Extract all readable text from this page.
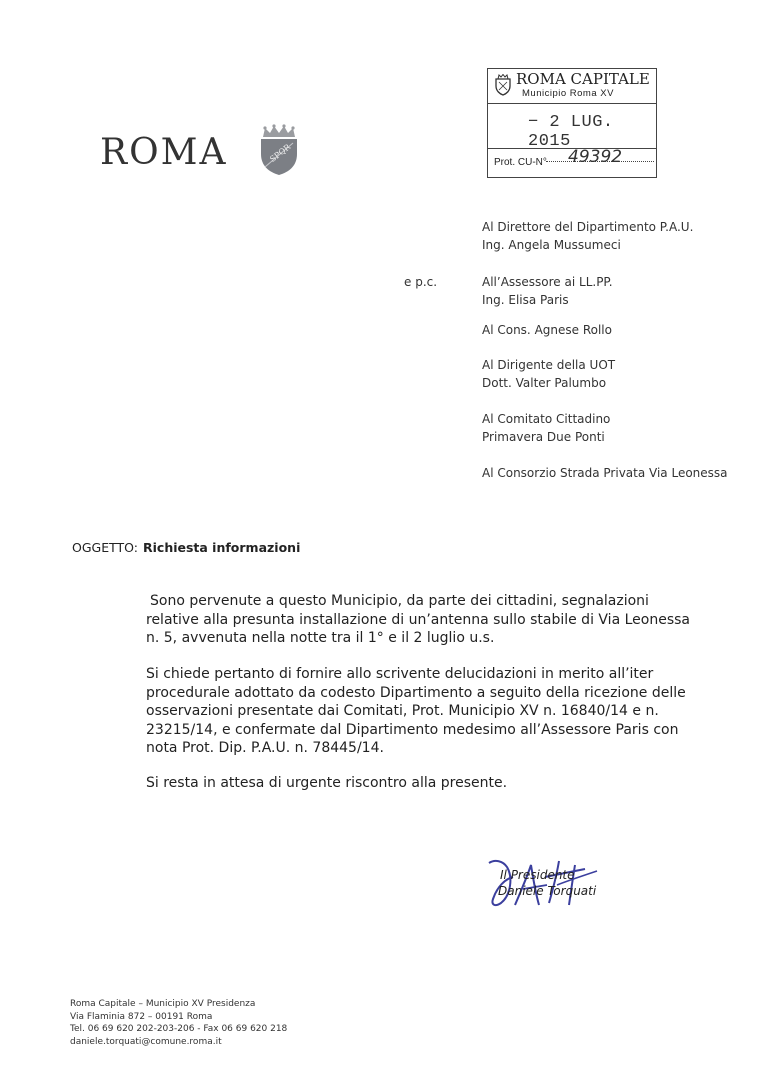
ROMA	SPQR
ROMA CAPITALE
Municipio Roma XV
− 2 LUG. 2015
Prot. CU-N° 49392
Al Direttore del Dipartimento P.A.U.
Ing. Angela Mussumeci
e p.c.	All’Assessore ai LL.PP.
Ing. Elisa Paris
Al Cons. Agnese Rollo
Al Dirigente della UOT
Dott. Valter Palumbo
Al Comitato Cittadino
Primavera Due Ponti
Al Consorzio Strada Privata Via Leonessa
OGGETTO: Richiesta informazioni
Sono pervenute a questo Municipio, da parte dei cittadini, segnalazioni relative alla presunta installazione di un’antenna sullo stabile di Via Leonessa n. 5, avvenuta nella notte tra il 1° e il 2 luglio u.s.
Si chiede pertanto di fornire allo scrivente delucidazioni in merito all’iter procedurale adottato da codesto Dipartimento a seguito della ricezione delle osservazioni presentate dai Comitati, Prot. Municipio XV n. 16840/14 e n. 23215/14, e confermate dal Dipartimento medesimo all’Assessore Paris con nota Prot. Dip. P.A.U. n. 78445/14.
Si resta in attesa di urgente riscontro alla presente.
Il Presidente
Daniele Torquati
Roma Capitale – Municipio XV Presidenza
Via Flaminia 872 – 00191 Roma
Tel. 06 69 620 202-203-206 - Fax 06 69 620 218
daniele.torquati@comune.roma.it
